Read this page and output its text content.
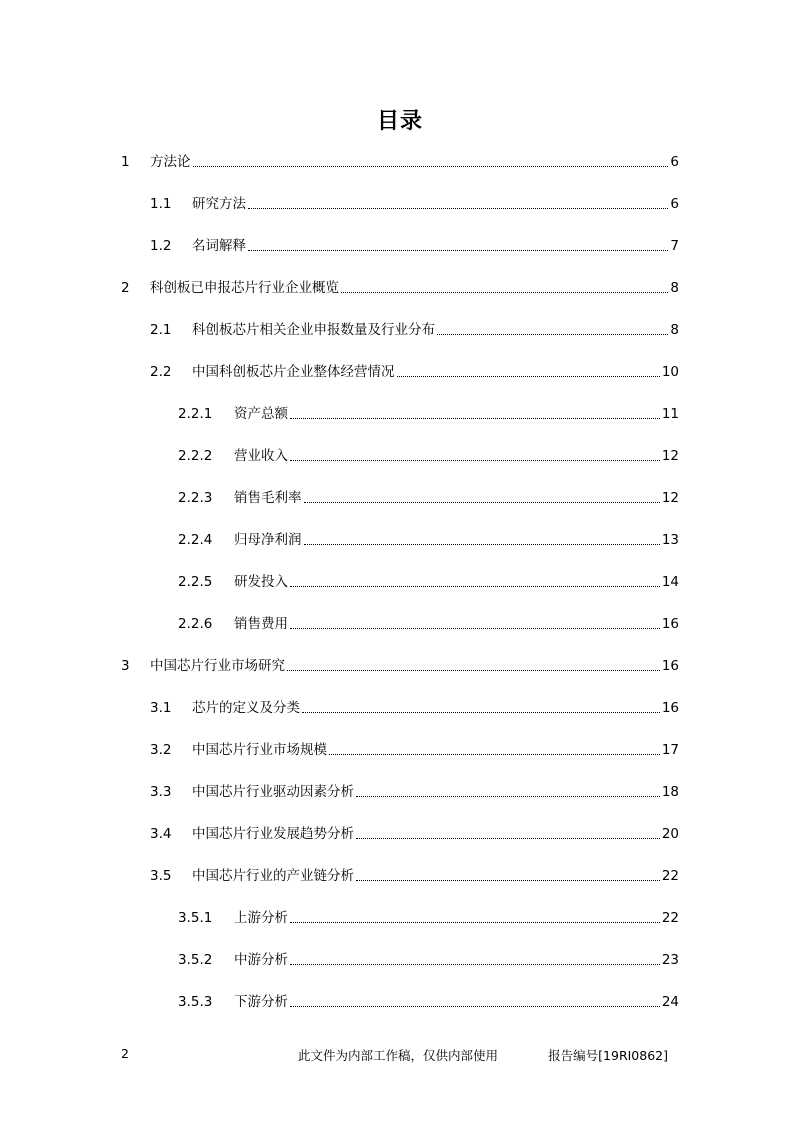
目录
1	方法论	6
1.1	研究方法	6
1.2	名词解释	7
2	科创板已申报芯片行业企业概览	8
2.1	科创板芯片相关企业申报数量及行业分布	8
2.2	中国科创板芯片企业整体经营情况	10
2.2.1	资产总额	11
2.2.2	营业收入	12
2.2.3	销售毛利率	12
2.2.4	归母净利润	13
2.2.5	研发投入	14
2.2.6	销售费用	16
3	中国芯片行业市场研究	16
3.1	芯片的定义及分类	16
3.2	中国芯片行业市场规模	17
3.3	中国芯片行业驱动因素分析	18
3.4	中国芯片行业发展趋势分析	20
3.5	中国芯片行业的产业链分析	22
3.5.1	上游分析	22
3.5.2	中游分析	23
3.5.3	下游分析	24
2	此文件为内部工作稿，仅供内部使用	报告编号[19RI0862]
